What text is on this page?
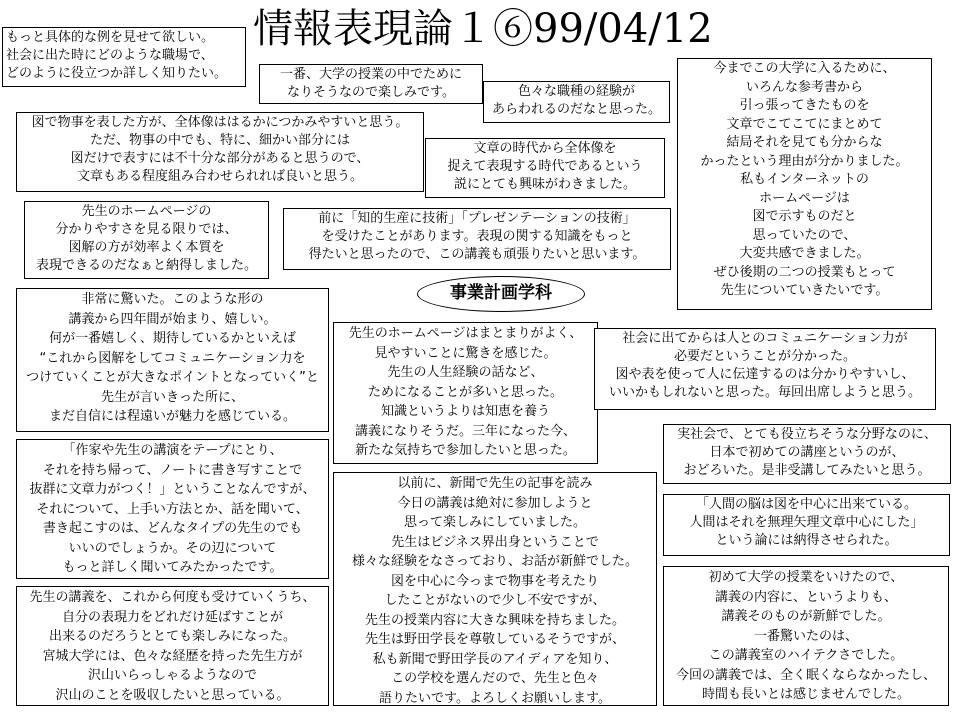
情報表現論１⑥99/04/12
もっと具体的な例を見せて欲しい。
社会に出た時にどのような職場で、
どのように役立つか詳しく知りたい。	一番、大学の授業の中でために
なりそうなので楽しみです。	色々な職種の経験が
あらわれるのだなと思った。
今までこの大学に入るために、
いろんな参考書から
引っ張ってきたものを
文章でこてこてにまとめて
結局それを見ても分からな
かったという理由が分かりました。
私もインターネットの
ホームページは
図で示すものだと
思っていたので、
大変共感できました。
ぜひ後期の二つの授業もとって
先生についていきたいです。
図で物事を表した方が、全体像ははるかにつかみやすいと思う。
ただ、物事の中でも、特に、細かい部分には
図だけで表すには不十分な部分があると思うので、
文章もある程度組み合わせられれば良いと思う。
文章の時代から全体像を
捉えて表現する時代であるという
説にとても興味がわきました。
先生のホームページの
分かりやすさを見る限りでは、
図解の方が効率よく本質を
表現できるのだなぁと納得しました。
前に「知的生産に技術」「プレゼンテーションの技術」
を受けたことがあります。表現の関する知識をもっと
得たいと思ったので、この講義も頑張りたいと思います。
事業計画学科
非常に驚いた。このような形の
講義から四年間が始まり、嬉しい。
何が一番嬉しく、期待しているかといえば
“これから図解をしてコミュニケーション力を
つけていくことが大きなポイントとなっていく”と
先生が言いきった所に、
まだ自信には程遠いが魅力を感じている。
先生のホームページはまとまりがよく、
見やすいことに驚きを感じた。
先生の人生経験の話など、
ためになることが多いと思った。
知識というよりは知恵を養う
講義になりそうだ。三年になった今、
新たな気持ちで参加したいと思った。
社会に出てからは人とのコミュニケーション力が
必要だということが分かった。
図や表を使って人に伝達するのは分かりやすいし、
いいかもしれないと思った。毎回出席しようと思う。
実社会で、とても役立ちそうな分野なのに、
日本で初めての講座というのが、
おどろいた。是非受講してみたいと思う。
「作家や先生の講演をテープにとり、
それを持ち帰って、ノートに書き写すことで
抜群に文章力がつく！」ということなんですが、
それについて、上手い方法とか、話を聞いて、
書き起こすのは、どんなタイプの先生のでも
いいのでしょうか。その辺について
もっと詳しく聞いてみたかったです。
以前に、新聞で先生の記事を読み
今日の講義は絶対に参加しようと
思って楽しみにしていました。
先生はビジネス界出身ということで
様々な経験をなさっており、お話が新鮮でした。
図を中心に今っまで物事を考えたり
したことがないので少し不安ですが、
先生の授業内容に大きな興味を持ちました。
先生は野田学長を尊敬しているそうですが、
私も新聞で野田学長のアイディアを知り、
この学校を選んだので、先生と色々
語りたいです。よろしくお願いします。
「人間の脳は図を中心に出来ている。
人間はそれを無理矢理文章中心にした」
という論には納得させられた。
先生の講義を、これから何度も受けていくうち、
自分の表現力をどれだけ延ばすことが
出来るのだろうととても楽しみになった。
宮城大学には、色々な経歴を持った先生方が
沢山いらっしゃるようなので
沢山のことを吸収したいと思っている。
初めて大学の授業をいけたので、
講義の内容に、というよりも、
講義そのものが新鮮でした。
一番驚いたのは、
この講義室のハイテクさでした。
今回の講義では、全く眠くならなかったし、
時間も長いとは感じませんでした。
